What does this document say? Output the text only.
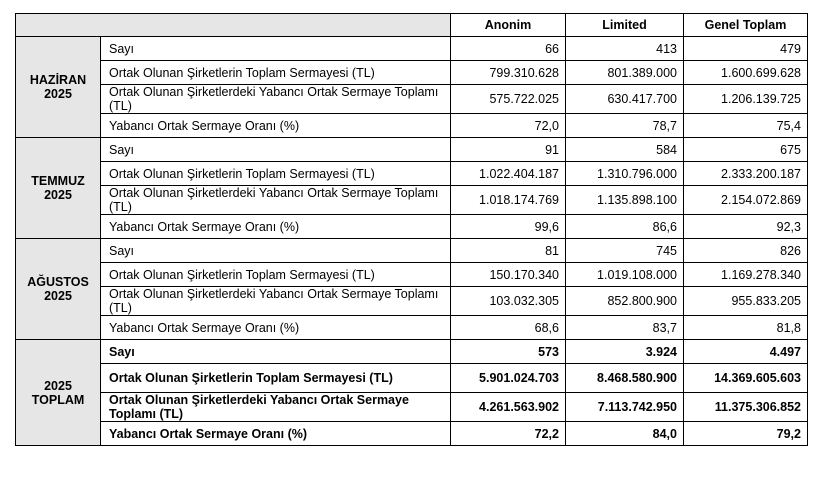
		Anonim	Limited	Genel Toplam
HAZİRAN
2025	Sayı	66	413	479
	Ortak Olunan Şirketlerin Toplam Sermayesi (TL)	799.310.628	801.389.000	1.600.699.628
	Ortak Olunan Şirketlerdeki Yabancı Ortak Sermaye Toplamı (TL)	575.722.025	630.417.700	1.206.139.725
	Yabancı Ortak Sermaye Oranı (%)	72,0	78,7	75,4
TEMMUZ
2025	Sayı	91	584	675
	Ortak Olunan Şirketlerin Toplam Sermayesi (TL)	1.022.404.187	1.310.796.000	2.333.200.187
	Ortak Olunan Şirketlerdeki Yabancı Ortak Sermaye Toplamı (TL)	1.018.174.769	1.135.898.100	2.154.072.869
	Yabancı Ortak Sermaye Oranı (%)	99,6	86,6	92,3
AĞUSTOS
2025	Sayı	81	745	826
	Ortak Olunan Şirketlerin Toplam Sermayesi (TL)	150.170.340	1.019.108.000	1.169.278.340
	Ortak Olunan Şirketlerdeki Yabancı Ortak Sermaye Toplamı (TL)	103.032.305	852.800.900	955.833.205
	Yabancı Ortak Sermaye Oranı (%)	68,6	83,7	81,8
2025
TOPLAM	Sayı	573	3.924	4.497
	Ortak Olunan Şirketlerin Toplam Sermayesi (TL)	5.901.024.703	8.468.580.900	14.369.605.603
	Ortak Olunan Şirketlerdeki Yabancı Ortak Sermaye Toplamı (TL)	4.261.563.902	7.113.742.950	11.375.306.852
	Yabancı Ortak Sermaye Oranı (%)	72,2	84,0	79,2
